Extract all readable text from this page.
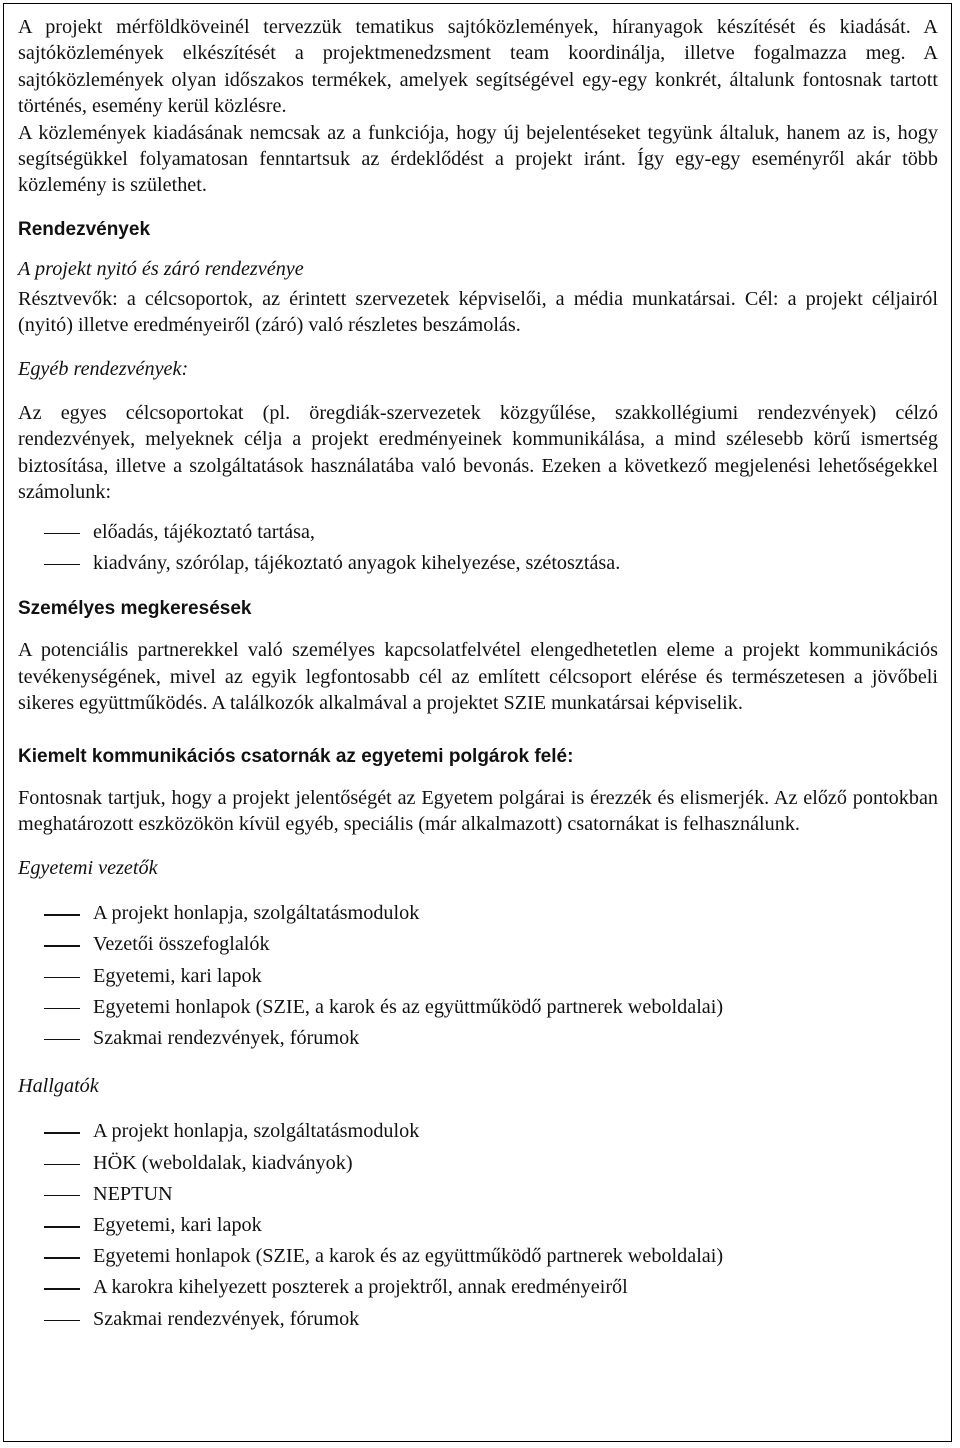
A projekt mérföldköveinél tervezzük tematikus sajtóközlemények, híranyagok készítését és kiadását. A sajtóközlemények elkészítését a projektmenedzsment team koordinálja, illetve fogalmazza meg. A sajtóközlemények olyan időszakos termékek, amelyek segítségével egy-egy konkrét, általunk fontosnak tartott történés, esemény kerül közlésre.

A közlemények kiadásának nemcsak az a funkciója, hogy új bejelentéseket tegyünk általuk, hanem az is, hogy segítségükkel folyamatosan fenntartsuk az érdeklődést a projekt iránt. Így egy-egy eseményről akár több közlemény is születhet.

Rendezvények

A projekt nyitó és záró rendezvénye

Résztvevők: a célcsoportok, az érintett szervezetek képviselői, a média munkatársai. Cél: a projekt céljairól (nyitó) illetve eredményeiről (záró) való részletes beszámolás.

Egyéb rendezvények:

Az egyes célcsoportokat (pl. öregdiák-szervezetek közgyűlése, szakkollégiumi rendezvények) célzó rendezvények, melyeknek célja a projekt eredményeinek kommunikálása, a mind szélesebb körű ismertség biztosítása, illetve a szolgáltatások használatába való bevonás. Ezeken a következő megjelenési lehetőségekkel számolunk:

előadás, tájékoztató tartása,
kiadvány, szórólap, tájékoztató anyagok kihelyezése, szétosztása.
Személyes megkeresések

A potenciális partnerekkel való személyes kapcsolatfelvétel elengedhetetlen eleme a projekt kommunikációs tevékenységének, mivel az egyik legfontosabb cél az említett célcsoport elérése és természetesen a jövőbeli sikeres együttműködés. A találkozók alkalmával a projektet SZIE munkatársai képviselik.

Kiemelt kommunikációs csatornák az egyetemi polgárok felé:

Fontosnak tartjuk, hogy a projekt jelentőségét az Egyetem polgárai is érezzék és elismerjék. Az előző pontokban meghatározott eszközökön kívül egyéb, speciális (már alkalmazott) csatornákat is felhasználunk.

Egyetemi vezetők

A projekt honlapja, szolgáltatásmodulok
Vezetői összefoglalók
Egyetemi, kari lapok
Egyetemi honlapok (SZIE, a karok és az együttműködő partnerek weboldalai)
Szakmai rendezvények, fórumok

Hallgatók

A projekt honlapja, szolgáltatásmodulok
HÖK (weboldalak, kiadványok)
NEPTUN
Egyetemi, kari lapok
Egyetemi honlapok (SZIE, a karok és az együttműködő partnerek weboldalai)
A karokra kihelyezett poszterek a projektről, annak eredményeiről
Szakmai rendezvények, fórumok
